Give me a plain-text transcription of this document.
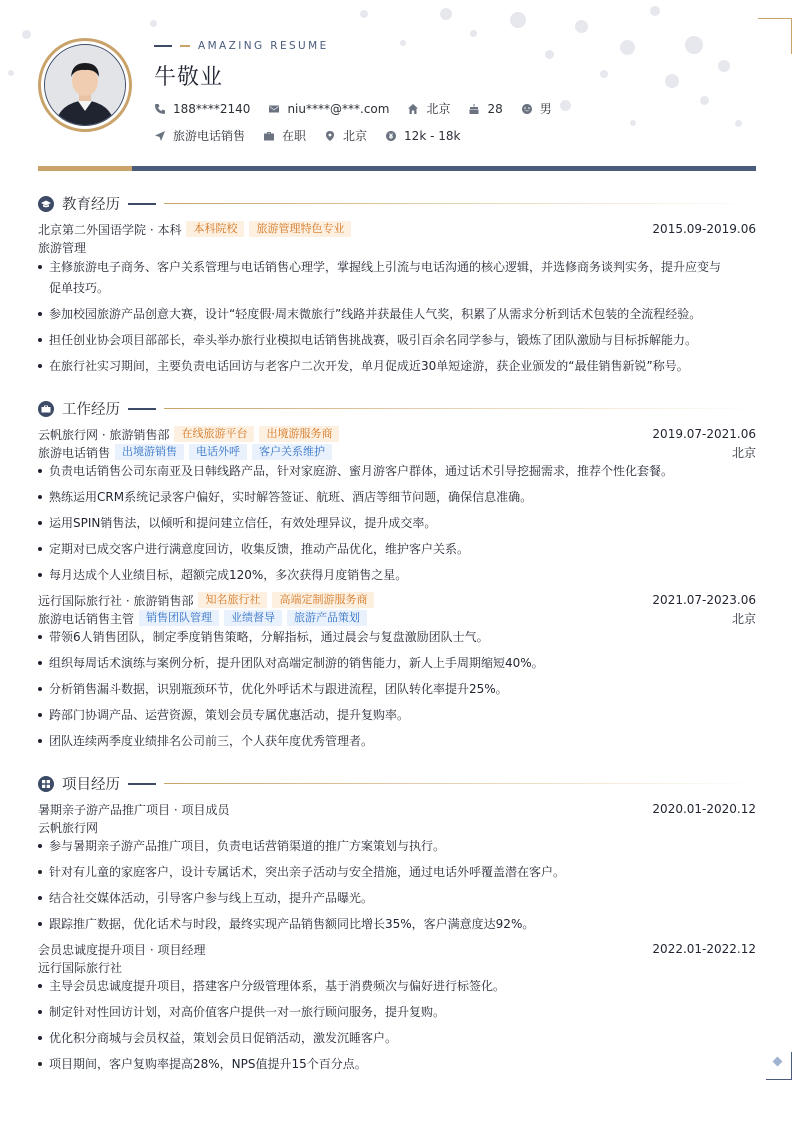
AMAZING RESUME
牛敬业
188****2140	niu****@***.com	北京	28	男
旅游电话销售	在职	北京	12k - 18k
教育经历
北京第二外国语学院 · 本科	本科院校	旅游管理特色专业	2015.09-2019.06
旅游管理
主修旅游电子商务、客户关系管理与电话销售心理学，掌握线上引流与电话沟通的核心逻辑，并选修商务谈判实务，提升应变与促单技巧。
参加校园旅游产品创意大赛，设计“轻度假·周末微旅行”线路并获最佳人气奖，积累了从需求分析到话术包装的全流程经验。
担任创业协会项目部部长，牵头举办旅行业模拟电话销售挑战赛，吸引百余名同学参与，锻炼了团队激励与目标拆解能力。
在旅行社实习期间，主要负责电话回访与老客户二次开发，单月促成近30单短途游，获企业颁发的“最佳销售新锐”称号。
工作经历
云帆旅行网 · 旅游销售部	在线旅游平台	出境游服务商	2019.07-2021.06
旅游电话销售	出境游销售	电话外呼	客户关系维护	北京
负责电话销售公司东南亚及日韩线路产品，针对家庭游、蜜月游客户群体，通过话术引导挖掘需求，推荐个性化套餐。
熟练运用CRM系统记录客户偏好，实时解答签证、航班、酒店等细节问题，确保信息准确。
运用SPIN销售法，以倾听和提问建立信任，有效处理异议，提升成交率。
定期对已成交客户进行满意度回访，收集反馈，推动产品优化，维护客户关系。
每月达成个人业绩目标，超额完成120%，多次获得月度销售之星。
远行国际旅行社 · 旅游销售部	知名旅行社	高端定制游服务商	2021.07-2023.06
旅游电话销售主管	销售团队管理	业绩督导	旅游产品策划	北京
带领6人销售团队，制定季度销售策略，分解指标，通过晨会与复盘激励团队士气。
组织每周话术演练与案例分析，提升团队对高端定制游的销售能力，新人上手周期缩短40%。
分析销售漏斗数据，识别瓶颈环节，优化外呼话术与跟进流程，团队转化率提升25%。
跨部门协调产品、运营资源，策划会员专属优惠活动，提升复购率。
团队连续两季度业绩排名公司前三，个人获年度优秀管理者。
项目经历
暑期亲子游产品推广项目 · 项目成员	2020.01-2020.12
云帆旅行网
参与暑期亲子游产品推广项目，负责电话营销渠道的推广方案策划与执行。
针对有儿童的家庭客户，设计专属话术，突出亲子活动与安全措施，通过电话外呼覆盖潜在客户。
结合社交媒体活动，引导客户参与线上互动，提升产品曝光。
跟踪推广数据，优化话术与时段，最终实现产品销售额同比增长35%，客户满意度达92%。
会员忠诚度提升项目 · 项目经理	2022.01-2022.12
远行国际旅行社
主导会员忠诚度提升项目，搭建客户分级管理体系，基于消费频次与偏好进行标签化。
制定针对性回访计划，对高价值客户提供一对一旅行顾问服务，提升复购。
优化积分商城与会员权益，策划会员日促销活动，激发沉睡客户。
项目期间，客户复购率提高28%，NPS值提升15个百分点。
